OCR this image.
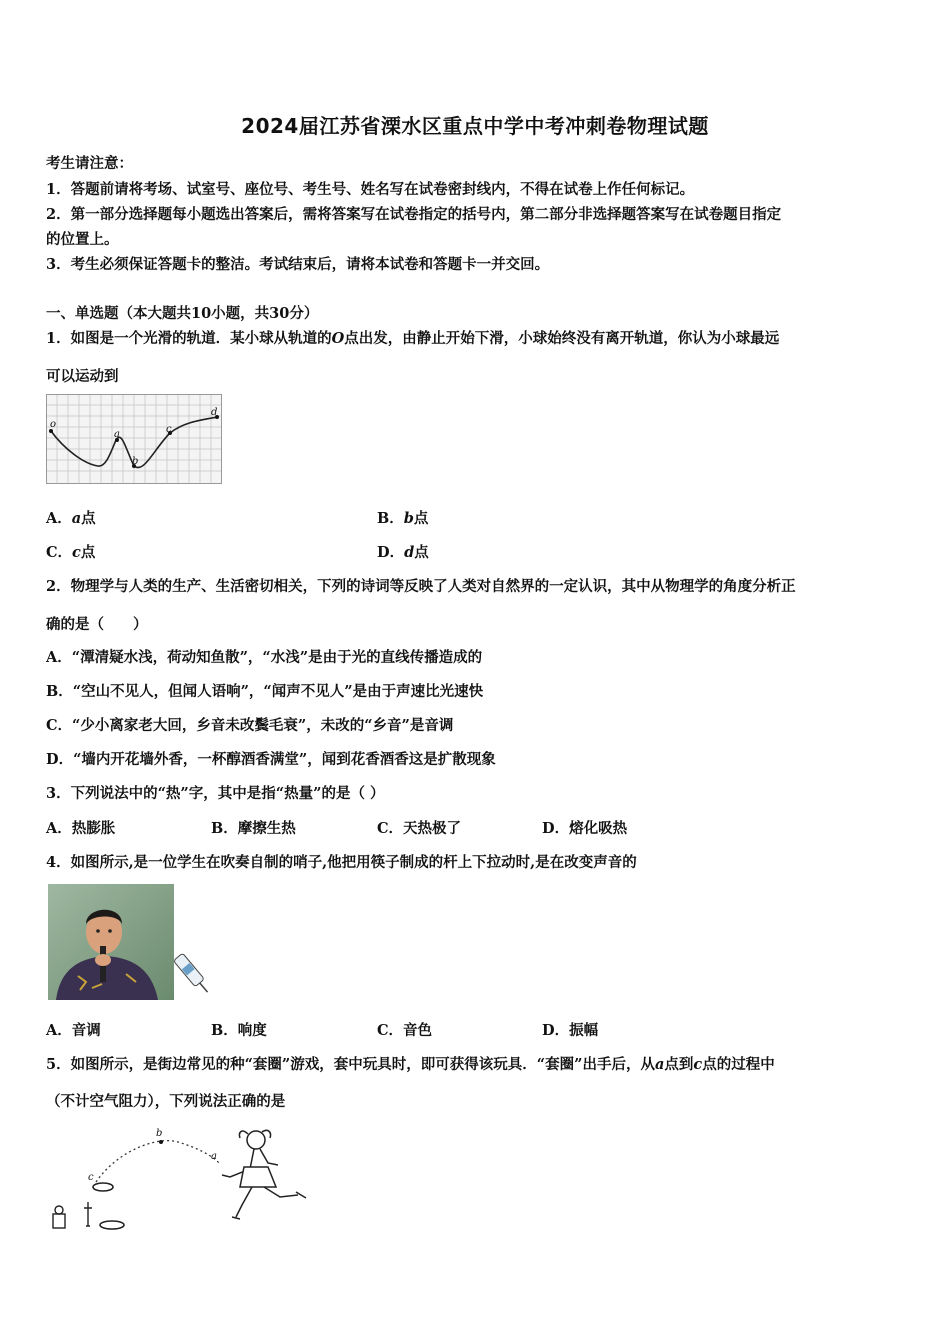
2024届江苏省溧水区重点中学中考冲刺卷物理试题
考生请注意：
1．答题前请将考场、试室号、座位号、考生号、姓名写在试卷密封线内，不得在试卷上作任何标记。
2．第一部分选择题每小题选出答案后，需将答案写在试卷指定的括号内，第二部分非选择题答案写在试卷题目指定
的位置上。
3．考生必须保证答题卡的整洁。考试结束后，请将本试卷和答题卡一并交回。
一、单选题（本大题共10小题，共30分）
1．如图是一个光滑的轨道．某小球从轨道的O点出发，由静止开始下滑，小球始终没有离开轨道，你认为小球最远
可以运动到
o
a
b
c
d
A．a点	B．b点
C．c点	D．d点
2．物理学与人类的生产、生活密切相关，下列的诗词等反映了人类对自然界的一定认识，其中从物理学的角度分析正
确的是（　　）
A．“潭清疑水浅，荷动知鱼散”，“水浅”是由于光的直线传播造成的
B．“空山不见人，但闻人语响”，“闻声不见人”是由于声速比光速快
C．“少小离家老大回，乡音未改鬓毛衰”，未改的“乡音”是音调
D．“墙内开花墙外香，一杯醇酒香满堂”，闻到花香酒香这是扩散现象
3．下列说法中的“热”字，其中是指“热量”的是（ ）
A．热膨胀	B．摩擦生热	C．天热极了	D．熔化吸热
4．如图所示,是一位学生在吹奏自制的哨子,他把用筷子制成的杆上下拉动时,是在改变声音的
A．音调	B．响度	C．音色	D．振幅
5．如图所示，是街边常见的种“套圈”游戏，套中玩具时，即可获得该玩具．“套圈”出手后，从a点到c点的过程中
（不计空气阻力），下列说法正确的是
b
a
c
